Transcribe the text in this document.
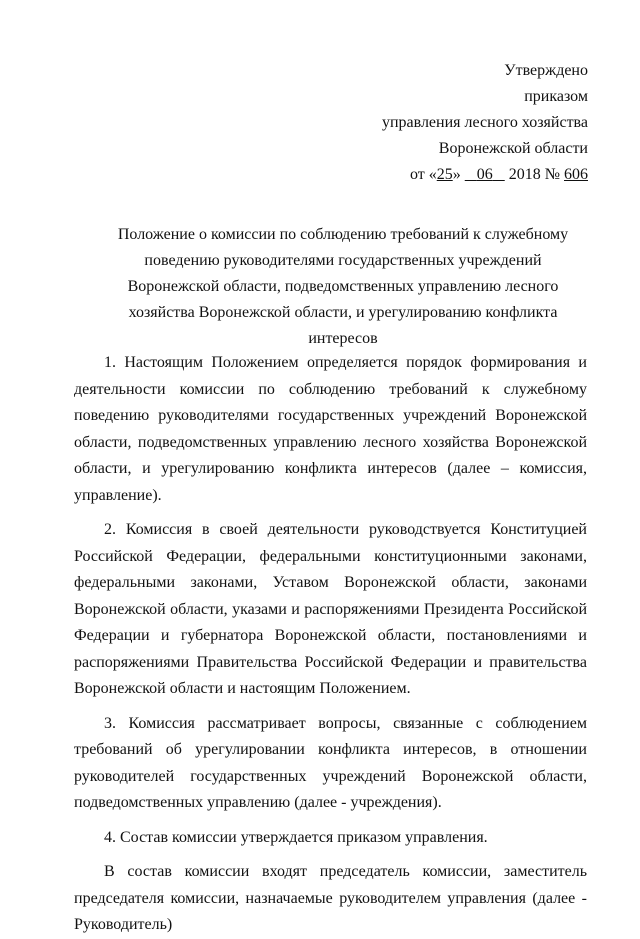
Утверждено
приказом
управления лесного хозяйства
Воронежской области
от «25»    06 2018 № 606
Положение о комиссии по соблюдению требований к служебному поведению руководителями государственных учреждений Воронежской области, подведомственных управлению лесного хозяйства Воронежской области, и урегулированию конфликта интересов

1. Настоящим Положением определяется порядок формирования и деятельности комиссии по соблюдению требований к служебному поведению руководителями государственных учреждений Воронежской области, подведомственных управлению лесного хозяйства Воронежской области, и урегулированию конфликта интересов (далее – комиссия, управление).

2. Комиссия в своей деятельности руководствуется Конституцией Российской Федерации, федеральными конституционными законами, федеральными законами, Уставом Воронежской области, законами Воронежской области, указами и распоряжениями Президента Российской Федерации и губернатора Воронежской области, постановлениями и распоряжениями Правительства Российской Федерации и правительства Воронежской области и настоящим Положением.

3. Комиссия рассматривает вопросы, связанные с соблюдением требований об урегулировании конфликта интересов, в отношении руководителей государственных учреждений Воронежской области, подведомственных управлению (далее - учреждения).

4. Состав комиссии утверждается приказом управления.

В состав комиссии входят председатель комиссии, заместитель председателя комиссии, назначаемые руководителем управления (далее - Руководитель)
